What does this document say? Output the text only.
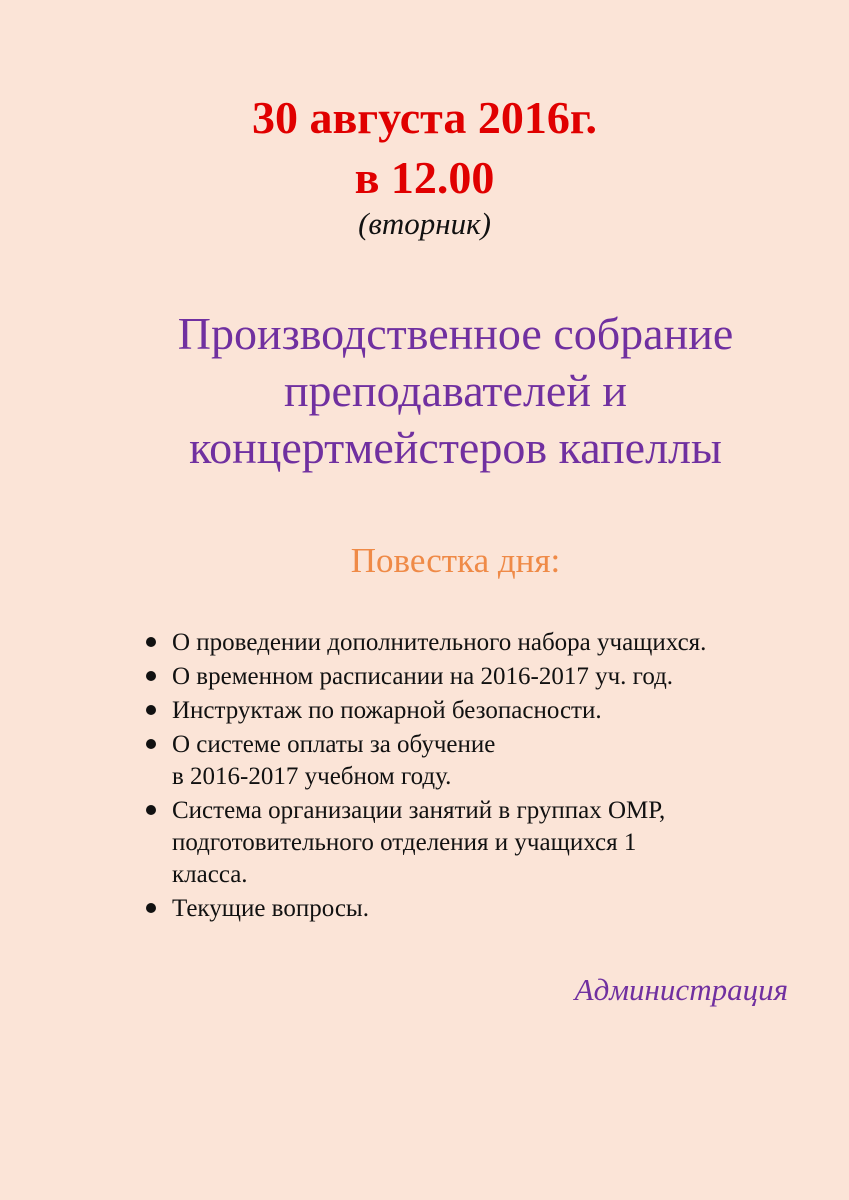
30 августа 2016г.
в 12.00
(вторник)
Производственное собрание
преподавателей и
концертмейстеров капеллы
Повестка дня:
О проведении дополнительного набора учащихся.
О временном расписании на 2016-2017 уч. год.
Инструктаж по пожарной безопасности.
О системе оплаты за обучение
в 2016-2017 учебном году.
Система организации занятий в группах ОМР,
подготовительного отделения и учащихся 1
класса.
Текущие вопросы.
Администрация
